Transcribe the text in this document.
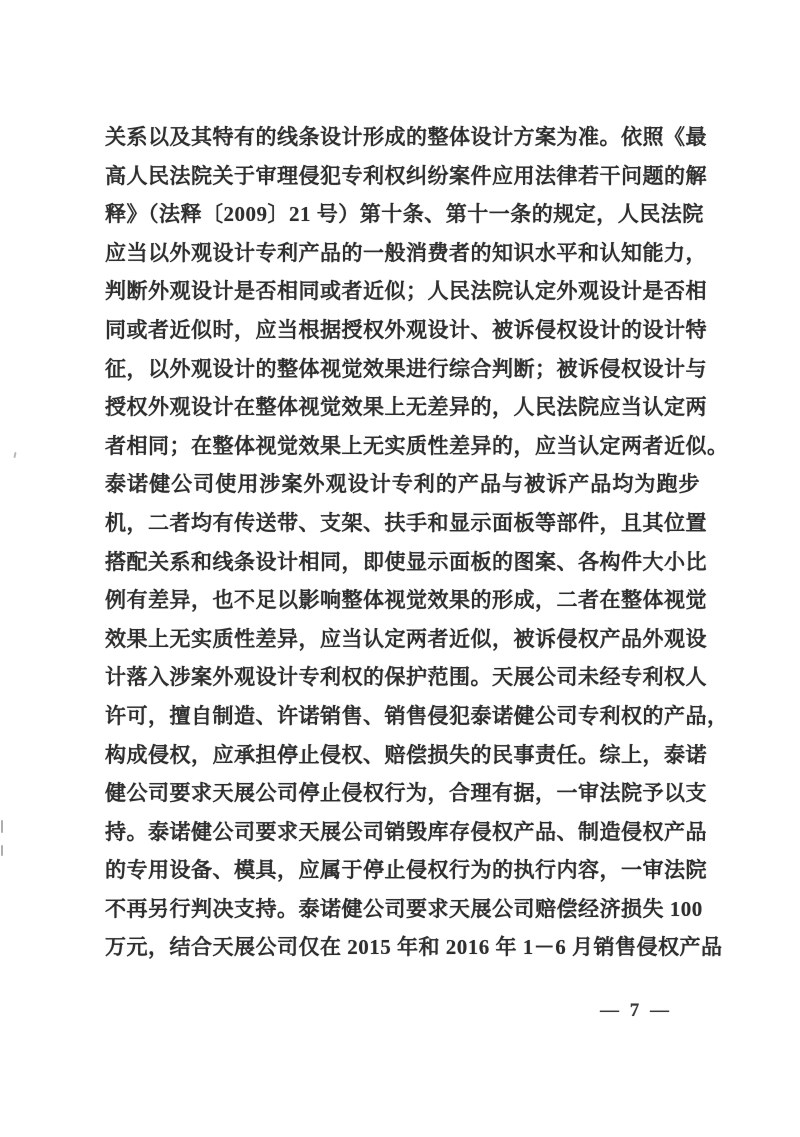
关系以及其特有的线条设计形成的整体设计方案为准。依照《最
高人民法院关于审理侵犯专利权纠纷案件应用法律若干问题的解
释》（法释〔2009〕21 号）第十条、第十一条的规定，人民法院
应当以外观设计专利产品的一般消费者的知识水平和认知能力，
判断外观设计是否相同或者近似；人民法院认定外观设计是否相
同或者近似时，应当根据授权外观设计、被诉侵权设计的设计特
征，以外观设计的整体视觉效果进行综合判断；被诉侵权设计与
授权外观设计在整体视觉效果上无差异的，人民法院应当认定两
者相同；在整体视觉效果上无实质性差异的，应当认定两者近似。
泰诺健公司使用涉案外观设计专利的产品与被诉产品均为跑步
机，二者均有传送带、支架、扶手和显示面板等部件，且其位置
搭配关系和线条设计相同，即使显示面板的图案、各构件大小比
例有差异，也不足以影响整体视觉效果的形成，二者在整体视觉
效果上无实质性差异，应当认定两者近似，被诉侵权产品外观设
计落入涉案外观设计专利权的保护范围。天展公司未经专利权人
许可，擅自制造、许诺销售、销售侵犯泰诺健公司专利权的产品，
构成侵权，应承担停止侵权、赔偿损失的民事责任。综上，泰诺
健公司要求天展公司停止侵权行为，合理有据，一审法院予以支
持。泰诺健公司要求天展公司销毁库存侵权产品、制造侵权产品
的专用设备、模具，应属于停止侵权行为的执行内容，一审法院
不再另行判决支持。泰诺健公司要求天展公司赔偿经济损失 100
万元，结合天展公司仅在 2015 年和 2016 年 1－6 月销售侵权产品
— 7 —
